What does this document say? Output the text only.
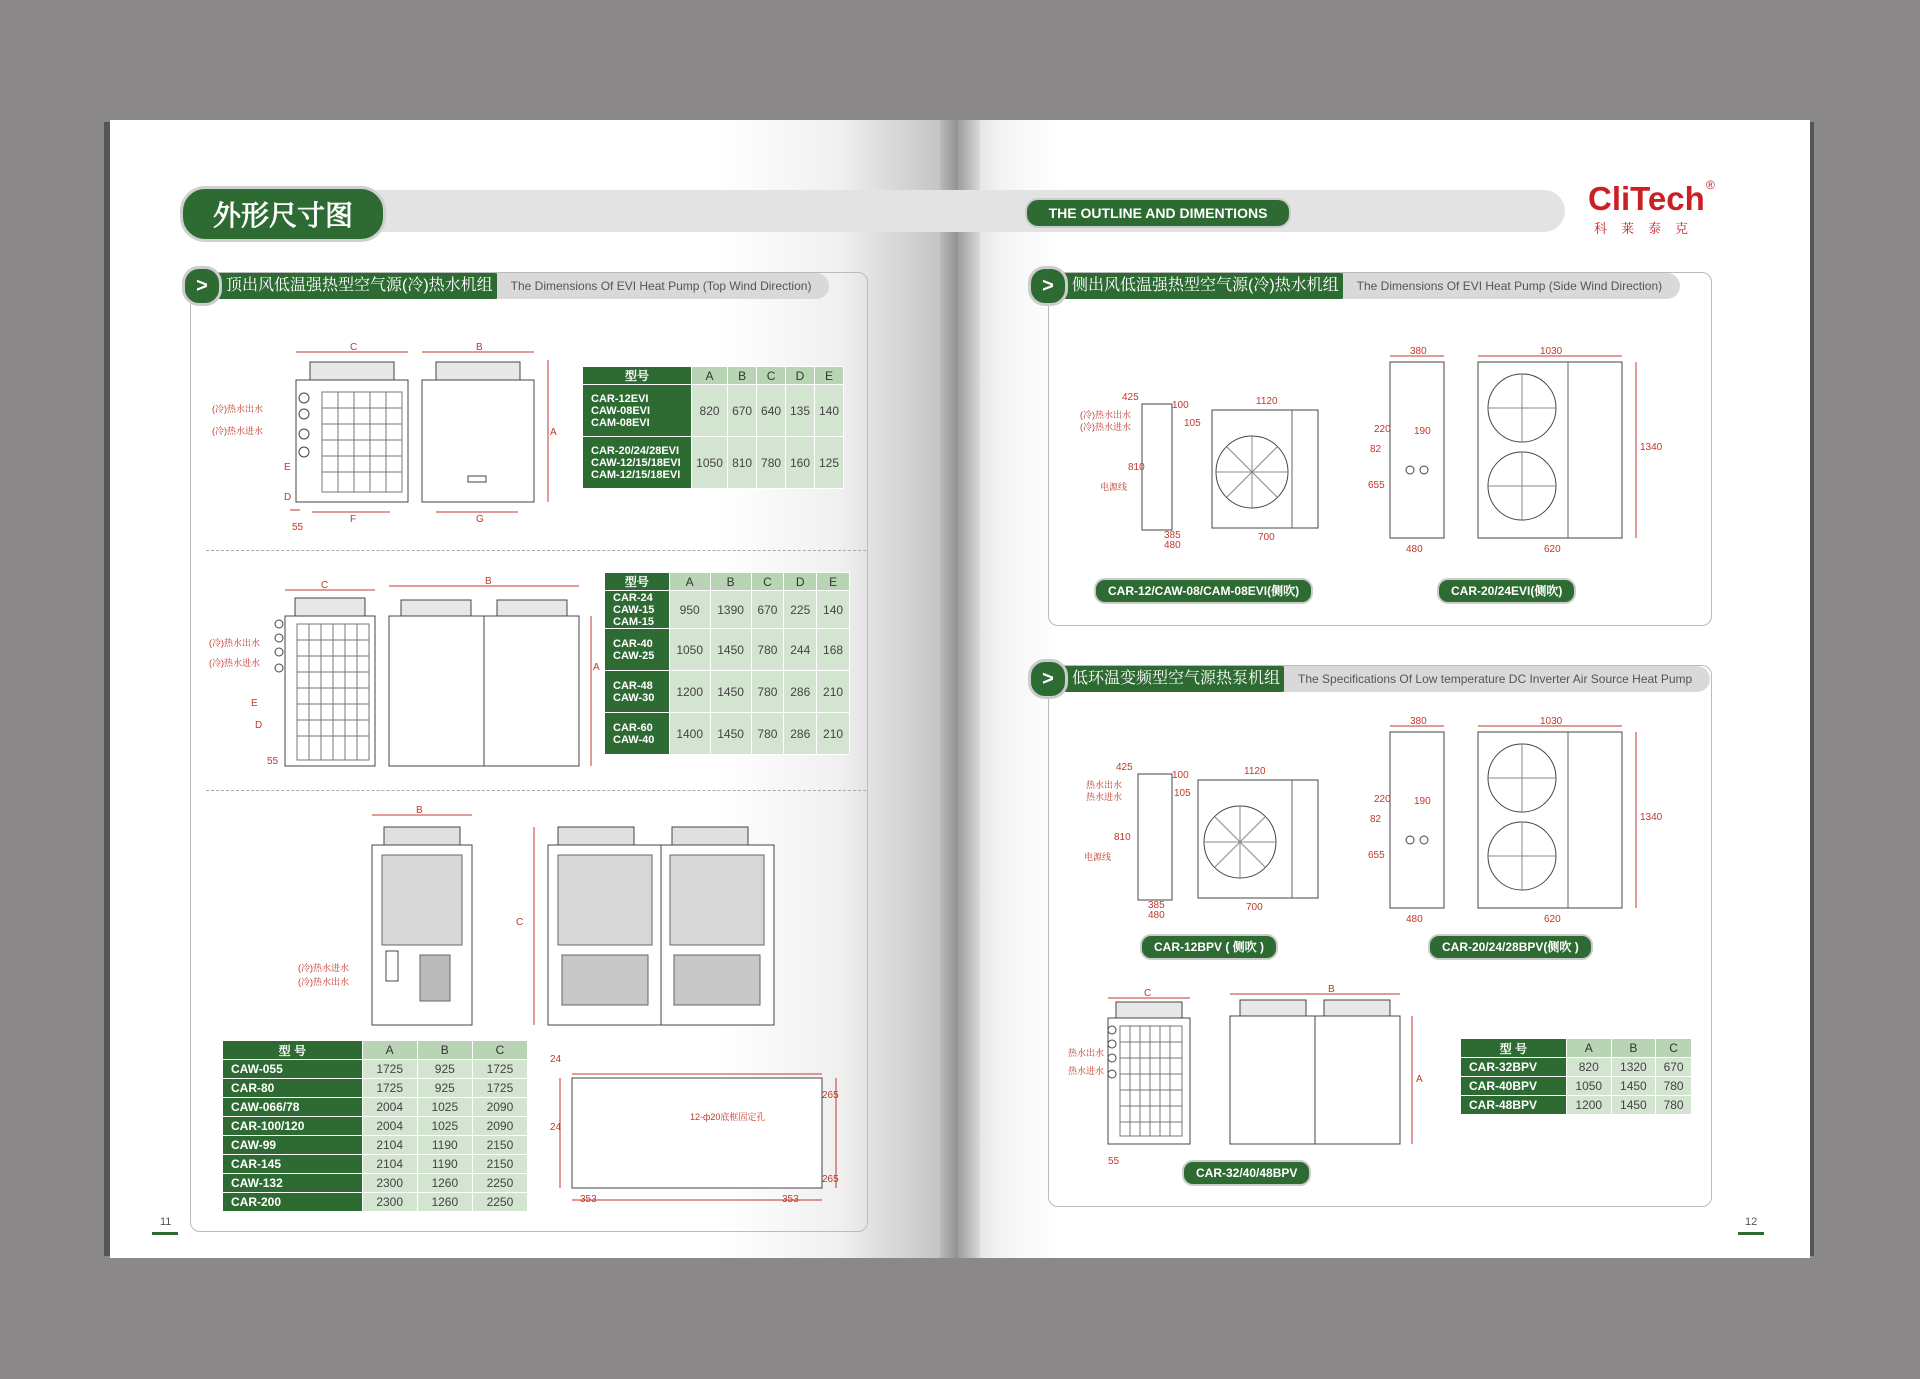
外形尺寸图	THE OUTLINE AND DIMENTIONS	CliTech ®
科莱泰克
>	顶出风低温强热型空气源(冷)热水机组	The Dimensions Of EVI Heat Pump (Top Wind Direction)
C	B
A
E
D
F	G
55
(冷)热水出水
(冷)热水进水
型号	A	B	C	D	E
CAR-12EVI
CAW-08EVI
CAM-08EVI	820	670	640	135	140
CAR-20/24/28EVI
CAW-12/15/18EVI
CAM-12/15/18EVI	1050	810	780	160	125
C	B
A
E
D
55
(冷)热水出水
(冷)热水进水
型号	A	B	C	D	E
CAR-24
CAW-15
CAM-15	950	1390	670	225	140
CAR-40
CAW-25	1050	1450	780	244	168
CAR-48
CAW-30	1200	1450	780	286	210
CAR-60
CAW-40	1400	1450	780	286	210
B
C
(冷)热水进水
(冷)热水出水
型 号	A	B	C
CAW-055	1725	925	1725
CAR-80	1725	925	1725
CAW-066/78	2004	1025	2090
CAR-100/120	2004	1025	2090
CAW-99	2104	1190	2150
CAR-145	2104	1190	2150
CAW-132	2300	1260	2250
CAR-200	2300	1260	2250
24
24
265
265
353	353
12-ф20底框固定孔
11
>	侧出风低温强热型空气源(冷)热水机组	The Dimensions Of EVI Heat Pump (Side Wind Direction)
425
100
105
810
385
480
1120
700
(冷)热水出水
(冷)热水进水
电源线
CAR-12/CAW-08/CAM-08EVI(侧吹)
380
190
220
82
655
480
1030
1340
620
CAR-20/24EVI(侧吹)
>	低环温变频型空气源热泵机组	The Specifications Of Low temperature DC Inverter Air Source Heat Pump
425
100
105
810
385
480
1120
700
热水出水
热水进水
电源线
CAR-12BPV ( 侧吹 )
380
190
220
82
655
480
1030
1340
620
CAR-20/24/28BPV(侧吹 )
C	B
A
55
热水出水
热水进水
CAR-32/40/48BPV
型 号	A	B	C
CAR-32BPV	820	1320	670
CAR-40BPV	1050	1450	780
CAR-48BPV	1200	1450	780
12
